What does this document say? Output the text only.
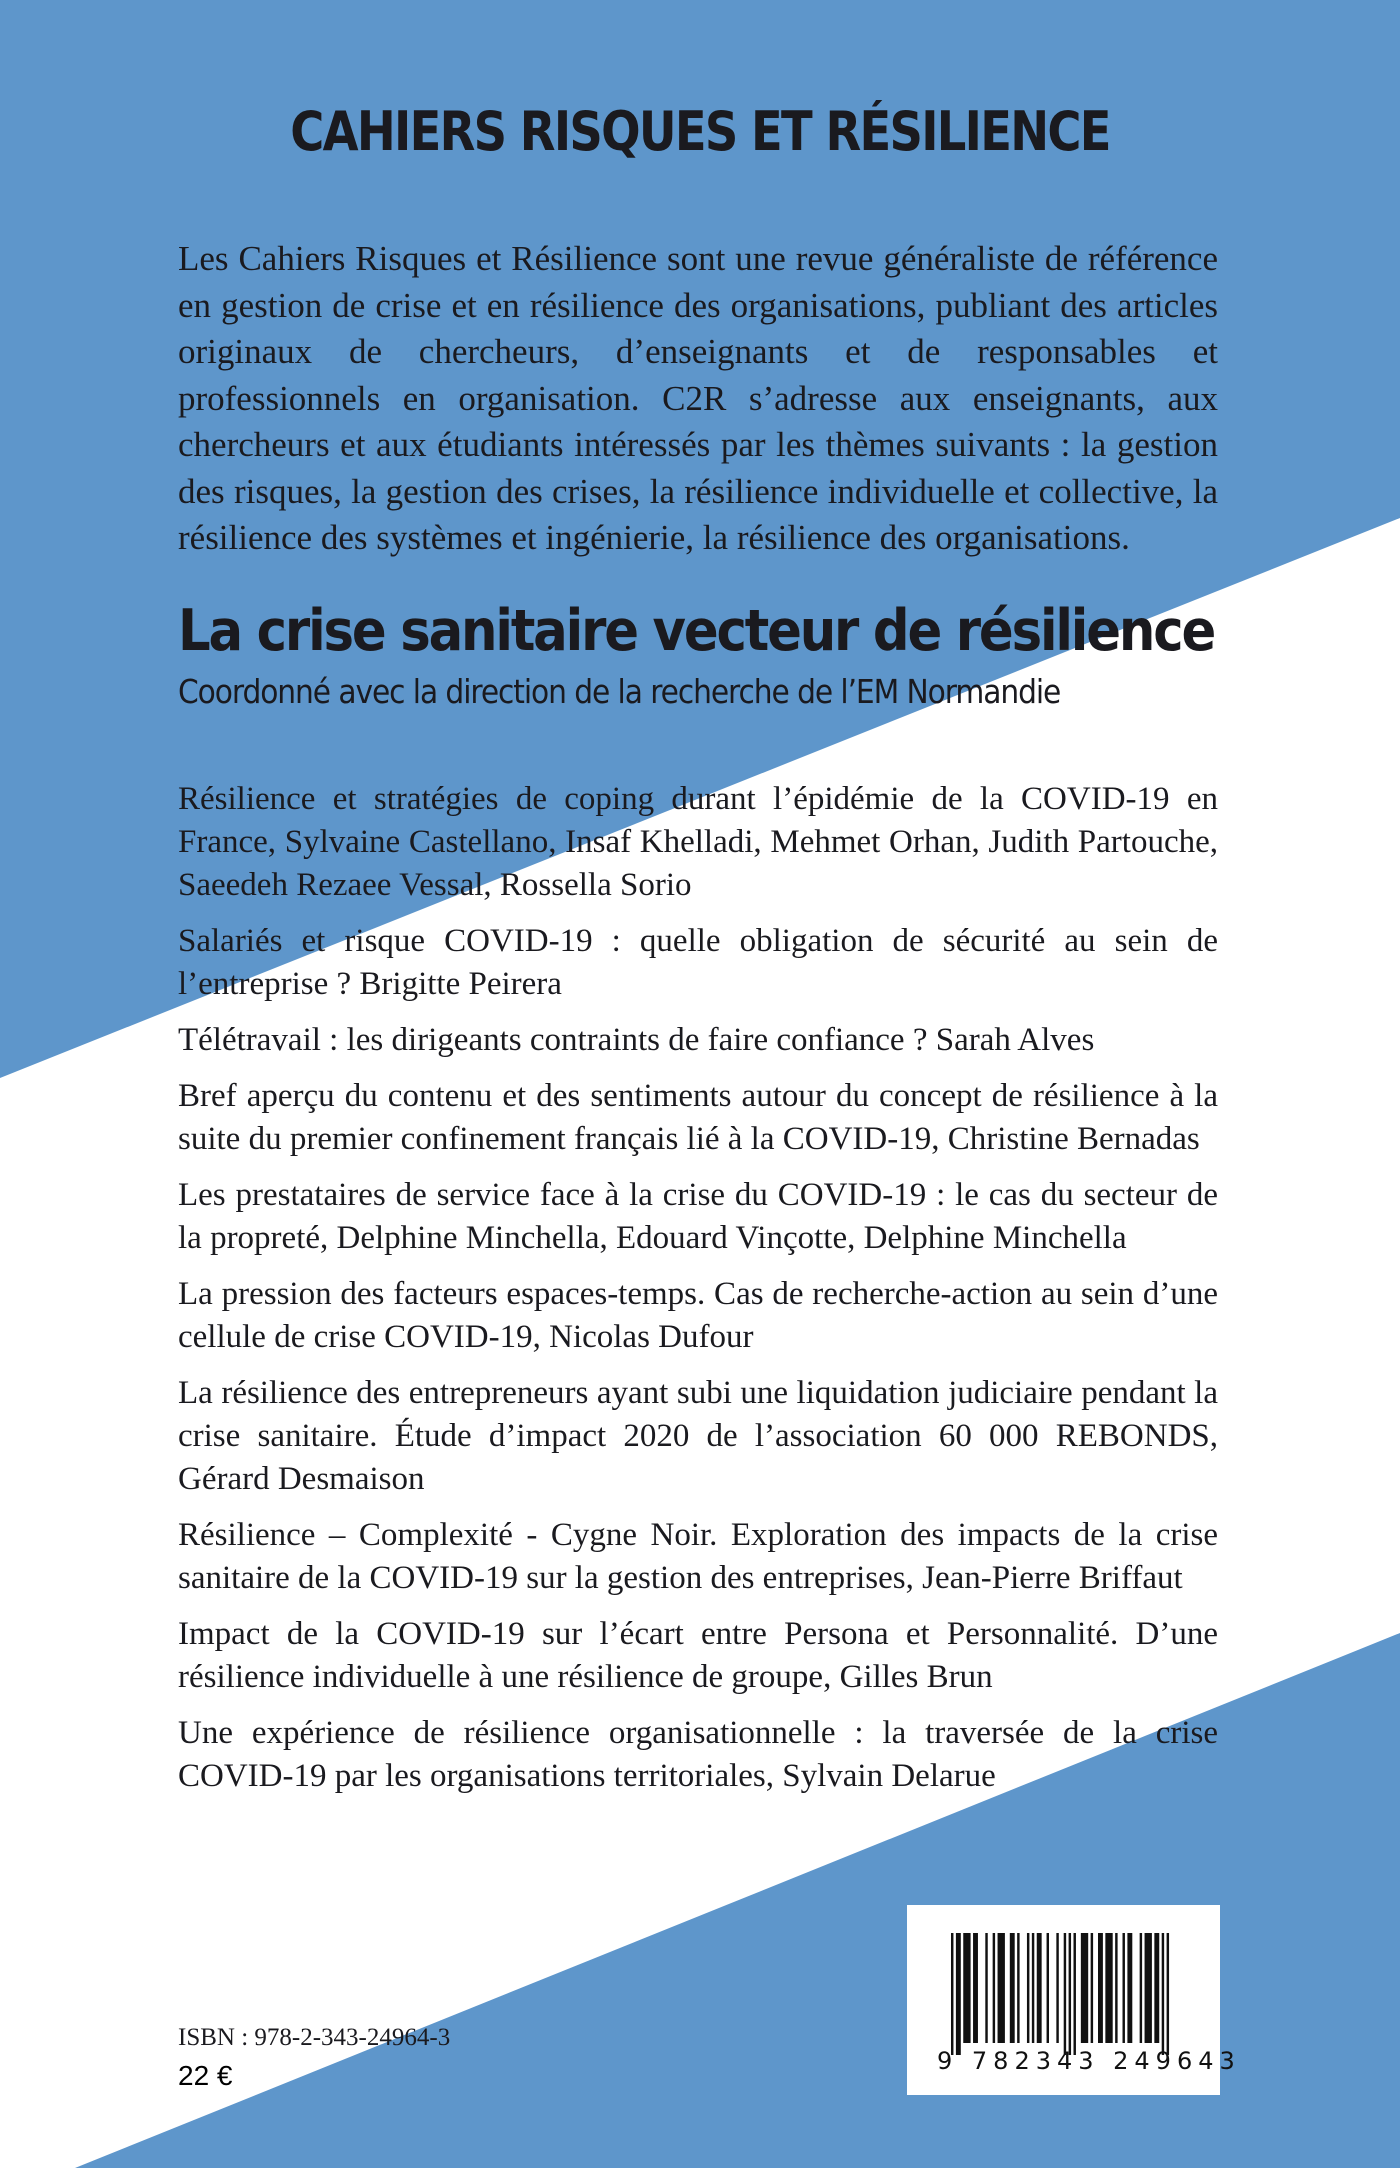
CAHIERS RISQUES ET RÉSILIENCE
Les Cahiers Risques et Résilience sont une revue généraliste de référence en gestion de crise et en résilience des organisations, publiant des articles originaux de chercheurs, d’enseignants et de responsables et professionnels en organisation. C2R s’adresse aux enseignants, aux chercheurs et aux étudiants intéressés par les thèmes suivants : la gestion des risques, la gestion des crises, la résilience individuelle et collective, la résilience des systèmes et ingénierie, la résilience des organisations.
La crise sanitaire vecteur de résilience
Coordonné avec la direction de la recherche de l’EM Normandie

Résilience et stratégies de coping durant l’épidémie de la COVID-19 en France, Sylvaine Castellano, Insaf Khelladi, Mehmet Orhan, Judith Partouche, Saeedeh Rezaee Vessal, Rossella Sorio

Salariés et risque COVID-19 : quelle obligation de sécurité au sein de l’entreprise ? Brigitte Peirera

Télétravail : les dirigeants contraints de faire confiance ? Sarah Alves

Bref aperçu du contenu et des sentiments autour du concept de résilience à la suite du premier confinement français lié à la COVID-19, Christine Bernadas

Les prestataires de service face à la crise du COVID-19 : le cas du secteur de la propreté, Delphine Minchella, Edouard Vinçotte, Delphine Minchella

La pression des facteurs espaces-temps. Cas de recherche-action au sein d’une cellule de crise COVID-19, Nicolas Dufour

La résilience des entrepreneurs ayant subi une liquidation judiciaire pendant la crise sanitaire. Étude d’impact 2020 de l’association 60 000 REBONDS, Gérard Desmaison

Résilience – Complexité - Cygne Noir. Exploration des impacts de la crise sanitaire de la COVID-19 sur la gestion des entreprises, Jean-Pierre Briffaut

Impact de la COVID-19 sur l’écart entre Persona et Personnalité. D’une résilience individuelle à une résilience de groupe, Gilles Brun

Une expérience de résilience organisationnelle : la traversée de la crise COVID-19 par les organisations territoriales, Sylvain Delarue

ISBN : 978-2-343-24964-3
22 €	9 782343 249643
